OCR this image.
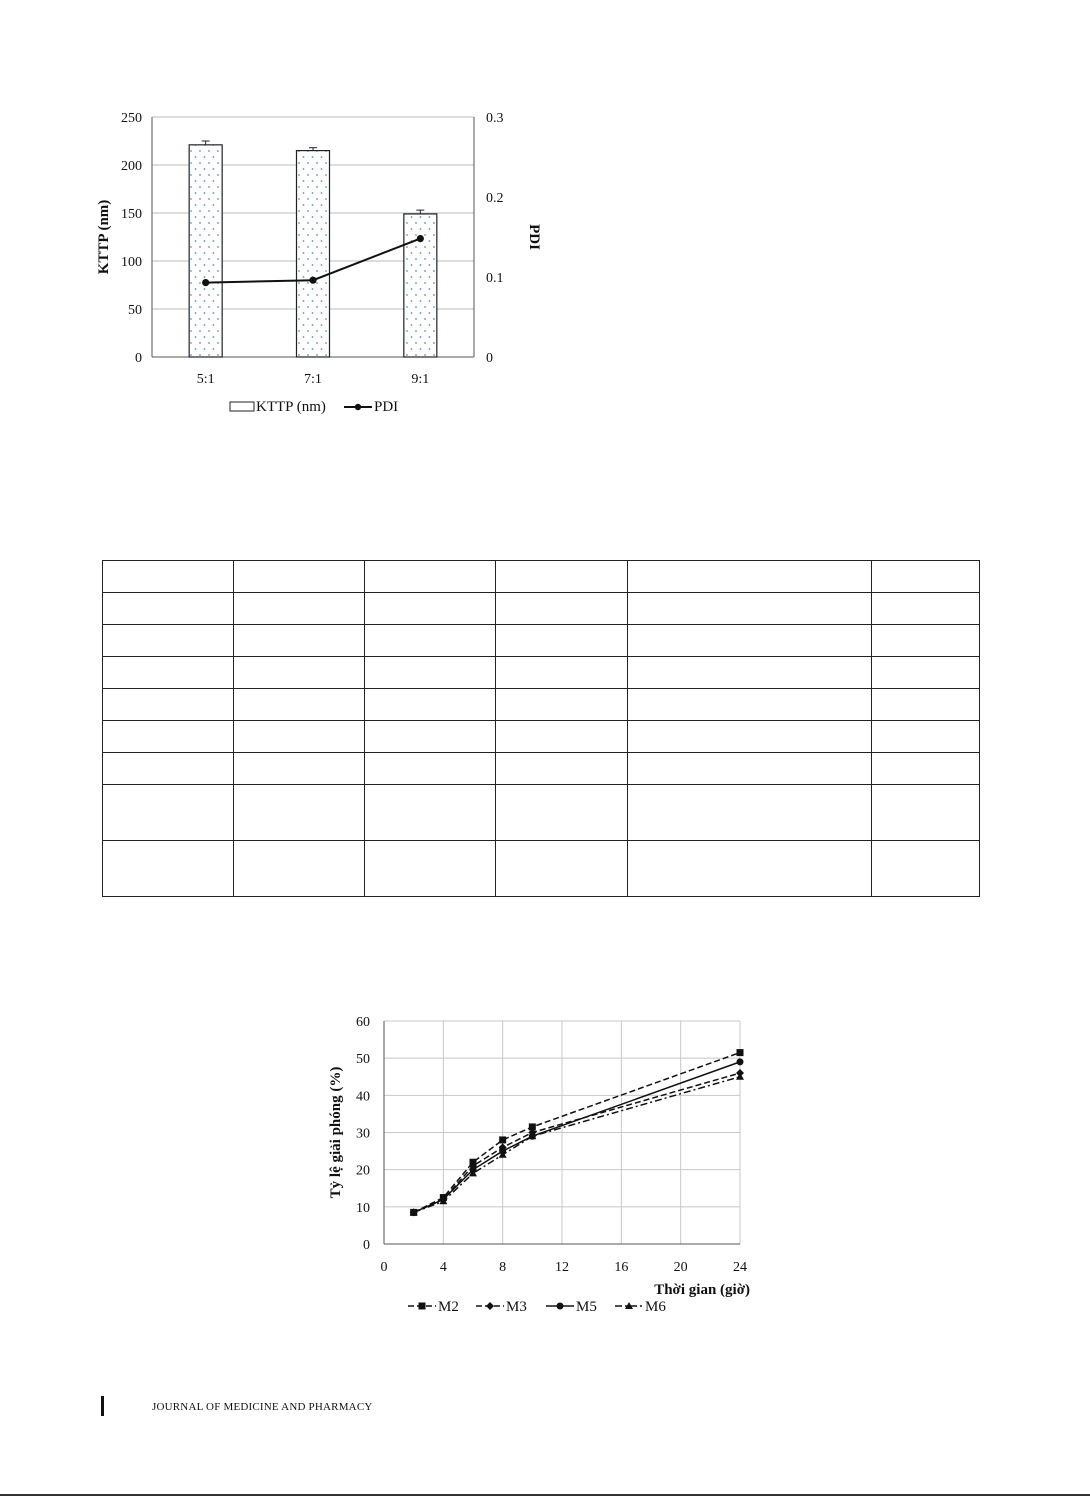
0
50
100
150
200
250
0
0.1
0.2
0.3
5:1	7:1	9:1
KTTP (nm)	PDI
KTTP (nm)	PDI

0
10
20
30
40
50
60
0	4	8	12	16	20	24
Tỷ lệ giải phóng (%)
Thời gian (giờ)
M2	M3	M5	M6
JOURNAL OF MEDICINE AND PHARMACY
